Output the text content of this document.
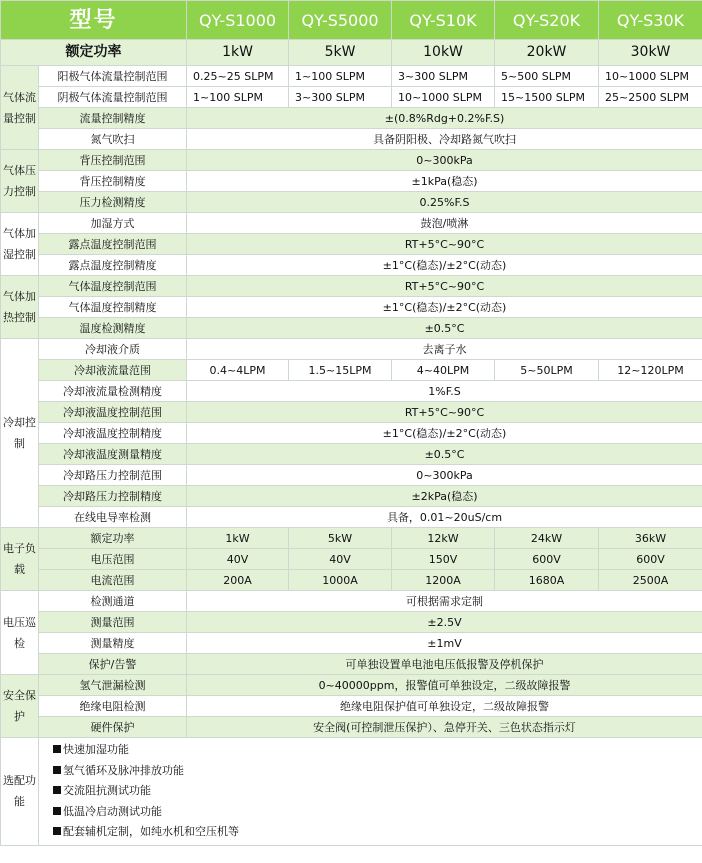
型号		QY-S1000	QY-S5000	QY-S10K	QY-S20K	QY-S30K
额定功率		1kW	5kW	10kW	20kW	30kW
气体流量控制	阳极气体流量控制范围	0.25~25 SLPM	1~100 SLPM	3~300 SLPM	5~500 SLPM	10~1000 SLPM
	阴极气体流量控制范围	1~100 SLPM	3~300 SLPM	10~1000 SLPM	15~1500 SLPM	25~2500 SLPM
	流量控制精度	±(0.8%Rdg+0.2%F.S)				
	氮气吹扫	具备阴阳极、冷却路氮气吹扫				
气体压力控制	背压控制范围	0~300kPa				
	背压控制精度	±1kPa(稳态)				
	压力检测精度	0.25%F.S				
气体加湿控制	加湿方式	鼓泡/喷淋				
	露点温度控制范围	RT+5°C~90°C				
	露点温度控制精度	±1°C(稳态)/±2°C(动态)				
气体加热控制	气体温度控制范围	RT+5°C~90°C				
	气体温度控制精度	±1°C(稳态)/±2°C(动态)				
	温度检测精度	±0.5°C				
冷却控制	冷却液介质	去离子水				
	冷却液流量范围	0.4~4LPM	1.5~15LPM	4~40LPM	5~50LPM	12~120LPM
	冷却液流量检测精度	1%F.S				
	冷却液温度控制范围	RT+5°C~90°C				
	冷却液温度控制精度	±1°C(稳态)/±2°C(动态)				
	冷却液温度测量精度	±0.5°C				
	冷却路压力控制范围	0~300kPa				
	冷却路压力控制精度	±2kPa(稳态)				
	在线电导率检测	具备，0.01~20uS/cm				
电子负载	额定功率	1kW	5kW	12kW	24kW	36kW
	电压范围	40V	40V	150V	600V	600V
	电流范围	200A	1000A	1200A	1680A	2500A
电压巡检	检测通道	可根据需求定制				
	测量范围	±2.5V				
	测量精度	±1mV				
	保护/告警	可单独设置单电池电压低报警及停机保护				
安全保护	氢气泄漏检测	0~40000ppm，报警值可单独设定，二级故障报警				
	绝缘电阻检测	绝缘电阻保护值可单独设定，二级故障报警				
	硬件保护	安全阀(可控制泄压保护）、急停开关、三色状态指示灯				
选配功能	快速加湿功能
氢气循环及脉冲排放功能
交流阻抗测试功能
低温冷启动测试功能
配套辅机定制，如纯水机和空压机等					
